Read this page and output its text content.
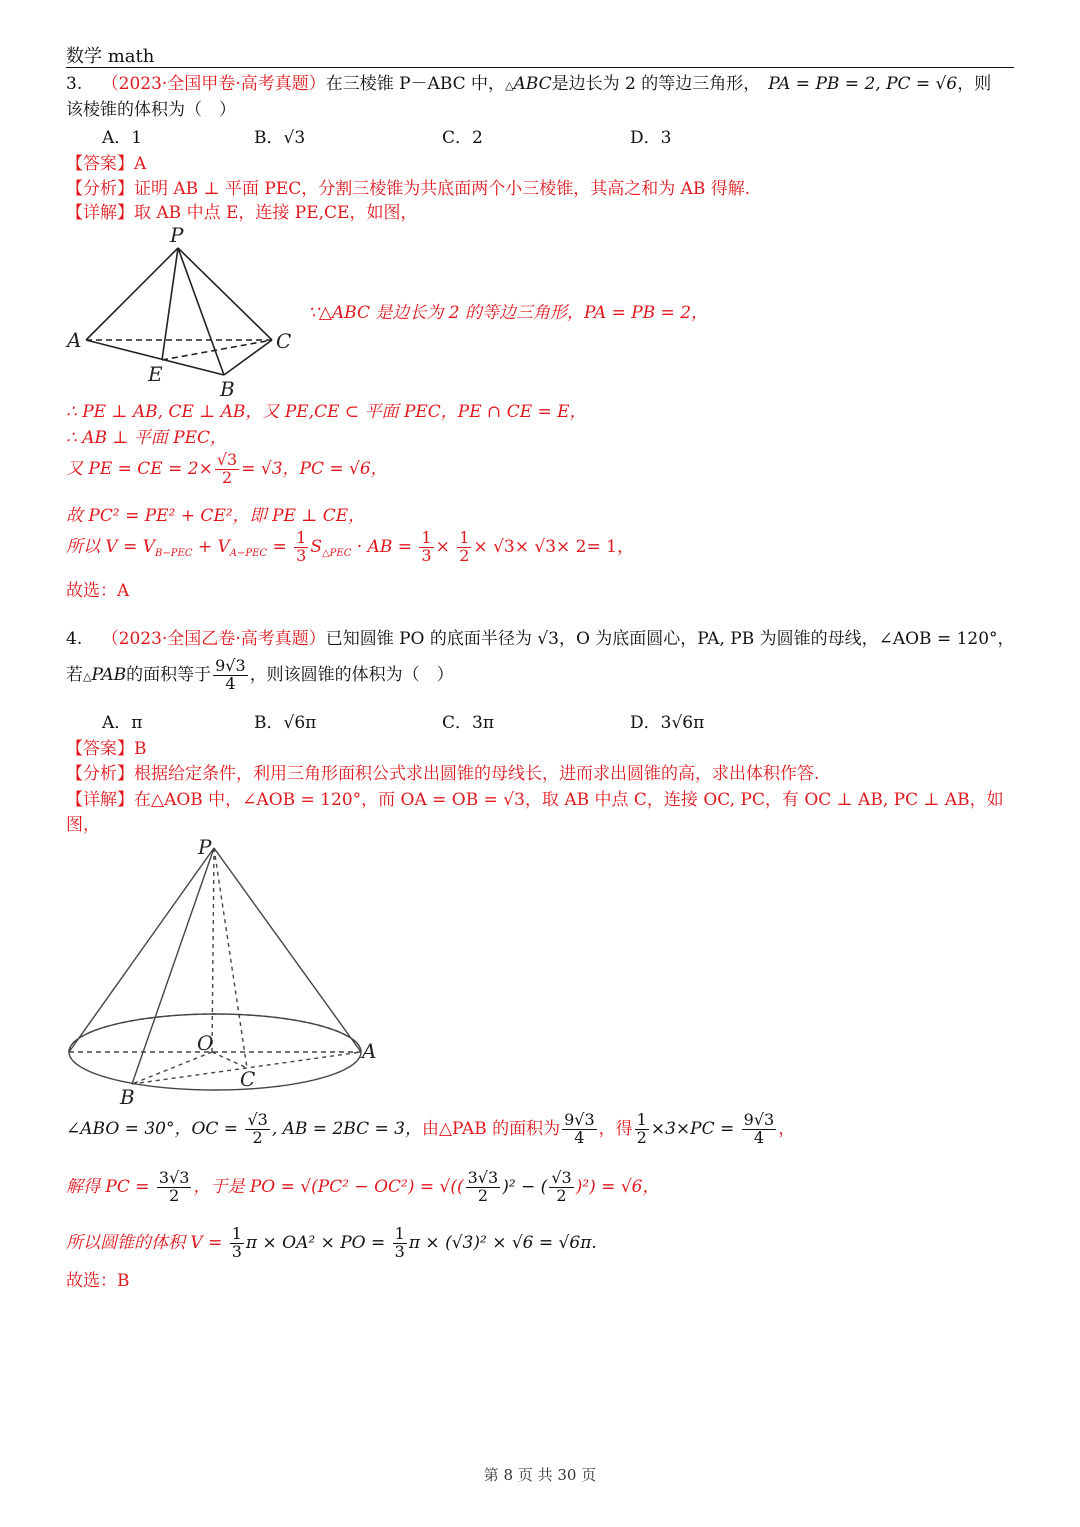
数学 math
3. （2023·全国甲卷·高考真题）在三棱锥 P－ABC 中，△ABC是边长为 2 的等边三角形， PA = PB = 2, PC = √6，则
该棱锥的体积为（　）
A．1	B．√3	C．2	D．3
【答案】A
【分析】证明 AB ⊥ 平面 PEC，分割三棱锥为共底面两个小三棱锥，其高之和为 AB 得解.
【详解】取 AB 中点 E，连接 PE,CE，如图，
P
A	C
E
B
∵△ABC 是边长为 2 的等边三角形，PA = PB = 2，
∴ PE ⊥ AB, CE ⊥ AB，又 PE,CE ⊂ 平面 PEC，PE ∩ CE = E，
∴ AB ⊥ 平面 PEC，
又 PE = CE = $2\times \frac{√3}{2} = √3$，PC = √6，
故 PC² = PE² + CE²，即 PE ⊥ CE，
所以 $V = V_{B-PEC} + V_{A-PEC} = \frac{1}{3} S_{\triangle PEC}$ · AB = $\frac{1}{3} \times \frac{1}{2} \times √3\times √3\times 2= 1$，
故选：A
4. （2023·全国乙卷·高考真题）已知圆锥 PO 的底面半径为 √3，O 为底面圆心，PA, PB 为圆锥的母线，∠AOB = 120°，
若△PAB的面积等于 $\frac{9√3}{4}$ ，则该圆锥的体积为（　）
A．π	B．√6π	C．3π	D．3√6π
【答案】B
【分析】根据给定条件，利用三角形面积公式求出圆锥的母线长，进而求出圆锥的高，求出体积作答.
【详解】在△AOB 中，∠AOB = 120°，而 OA = OB = √3，取 AB 中点 C，连接 OC, PC，有 OC ⊥ AB, PC ⊥ AB，如
图，
P
O	A
C
B
∠ABO = 30°，OC = $\frac{√3}{2}$ , AB = 2BC = 3，由△PAB 的面积为 $\frac{9√3}{4}$ ，得 $\frac{1}{2} \times 3\times PC = \frac{9√3}{4}$ ，
解得 PC = $\frac{3√3}{2}$ ，于是 PO = √(PC² − OC²) = √(( $\frac{3√3}{2} )^2$ − ( $\frac{√3}{2} )^2) = √6$，
所以圆锥的体积 $V = \frac{1}{3}$ π × OA² × PO = $\frac{1}{3}$ π × (√3)² × √6 = √6π.
故选：B
第 8 页 共 30 页
